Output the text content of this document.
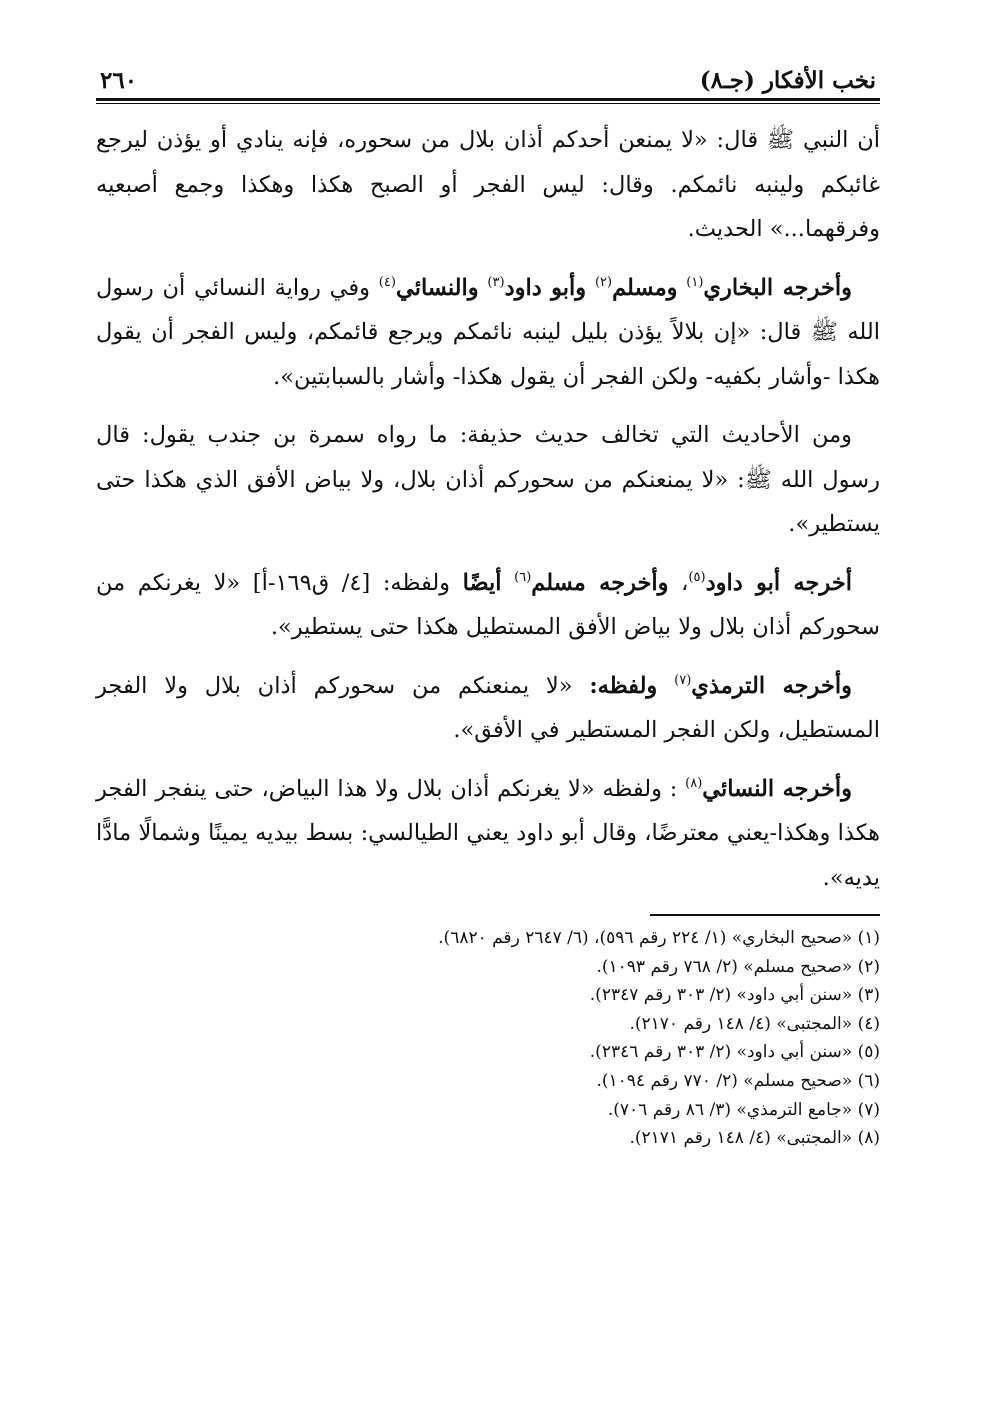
نخب الأفكار (جـ٨)
٢٦٠

أن النبي ﷺ قال: «لا يمنعن أحدكم أذان بلال من سحوره، فإنه ينادي أو يؤذن ليرجع غائبكم ولينبه نائمكم. وقال: ليس الفجر أو الصبح هكذا وهكذا وجمع أصبعيه وفرقهما...» الحديث.

وأخرجه البخاري$^{(١)}$ ومسلم$^{(٢)}$ وأبو داود$^{(٣)}$ والنسائي$^{(٤)}$ وفي رواية النسائي أن رسول الله ﷺ قال: «إن بلالاً يؤذن بليل لينبه نائمكم ويرجع قائمكم، وليس الفجر أن يقول هكذا -وأشار بكفيه- ولكن الفجر أن يقول هكذا- وأشار بالسبابتين».

ومن الأحاديث التي تخالف حديث حذيفة: ما رواه سمرة بن جندب يقول: قال رسول الله ﷺ: «لا يمنعنكم من سحوركم أذان بلال، ولا بياض الأفق الذي هكذا حتى يستطير».

أخرجه أبو داود$^{(٥)}$، وأخرجه مسلم$^{(٦)}$ أيضًا ولفظه: [٤/ ق١٦٩-أ] «لا يغرنكم من سحوركم أذان بلال ولا بياض الأفق المستطيل هكذا حتى يستطير».

وأخرجه الترمذي$^{(٧)}$ ولفظه: «لا يمنعنكم من سحوركم أذان بلال ولا الفجر المستطيل، ولكن الفجر المستطير في الأفق».

وأخرجه النسائي$^{(٨)}$ : ولفظه «لا يغرنكم أذان بلال ولا هذا البياض، حتى ينفجر الفجر هكذا وهكذا-يعني معترضًا، وقال أبو داود يعني الطيالسي: بسط بيديه يمينًا وشمالًا مادًّا يديه».

(١) «صحيح البخاري» (١/ ٢٢٤ رقم ٥٩٦)، (٦/ ٢٦٤٧ رقم ٦٨٢٠).

(٢) «صحيح مسلم» (٢/ ٧٦٨ رقم ١٠٩٣).

(٣) «سنن أبي داود» (٢/ ٣٠٣ رقم ٢٣٤٧).

(٤) «المجتبى» (٤/ ١٤٨ رقم ٢١٧٠).

(٥) «سنن أبي داود» (٢/ ٣٠٣ رقم ٢٣٤٦).

(٦) «صحيح مسلم» (٢/ ٧٧٠ رقم ١٠٩٤).

(٧) «جامع الترمذي» (٣/ ٨٦ رقم ٧٠٦).

(٨) «المجتبى» (٤/ ١٤٨ رقم ٢١٧١).
